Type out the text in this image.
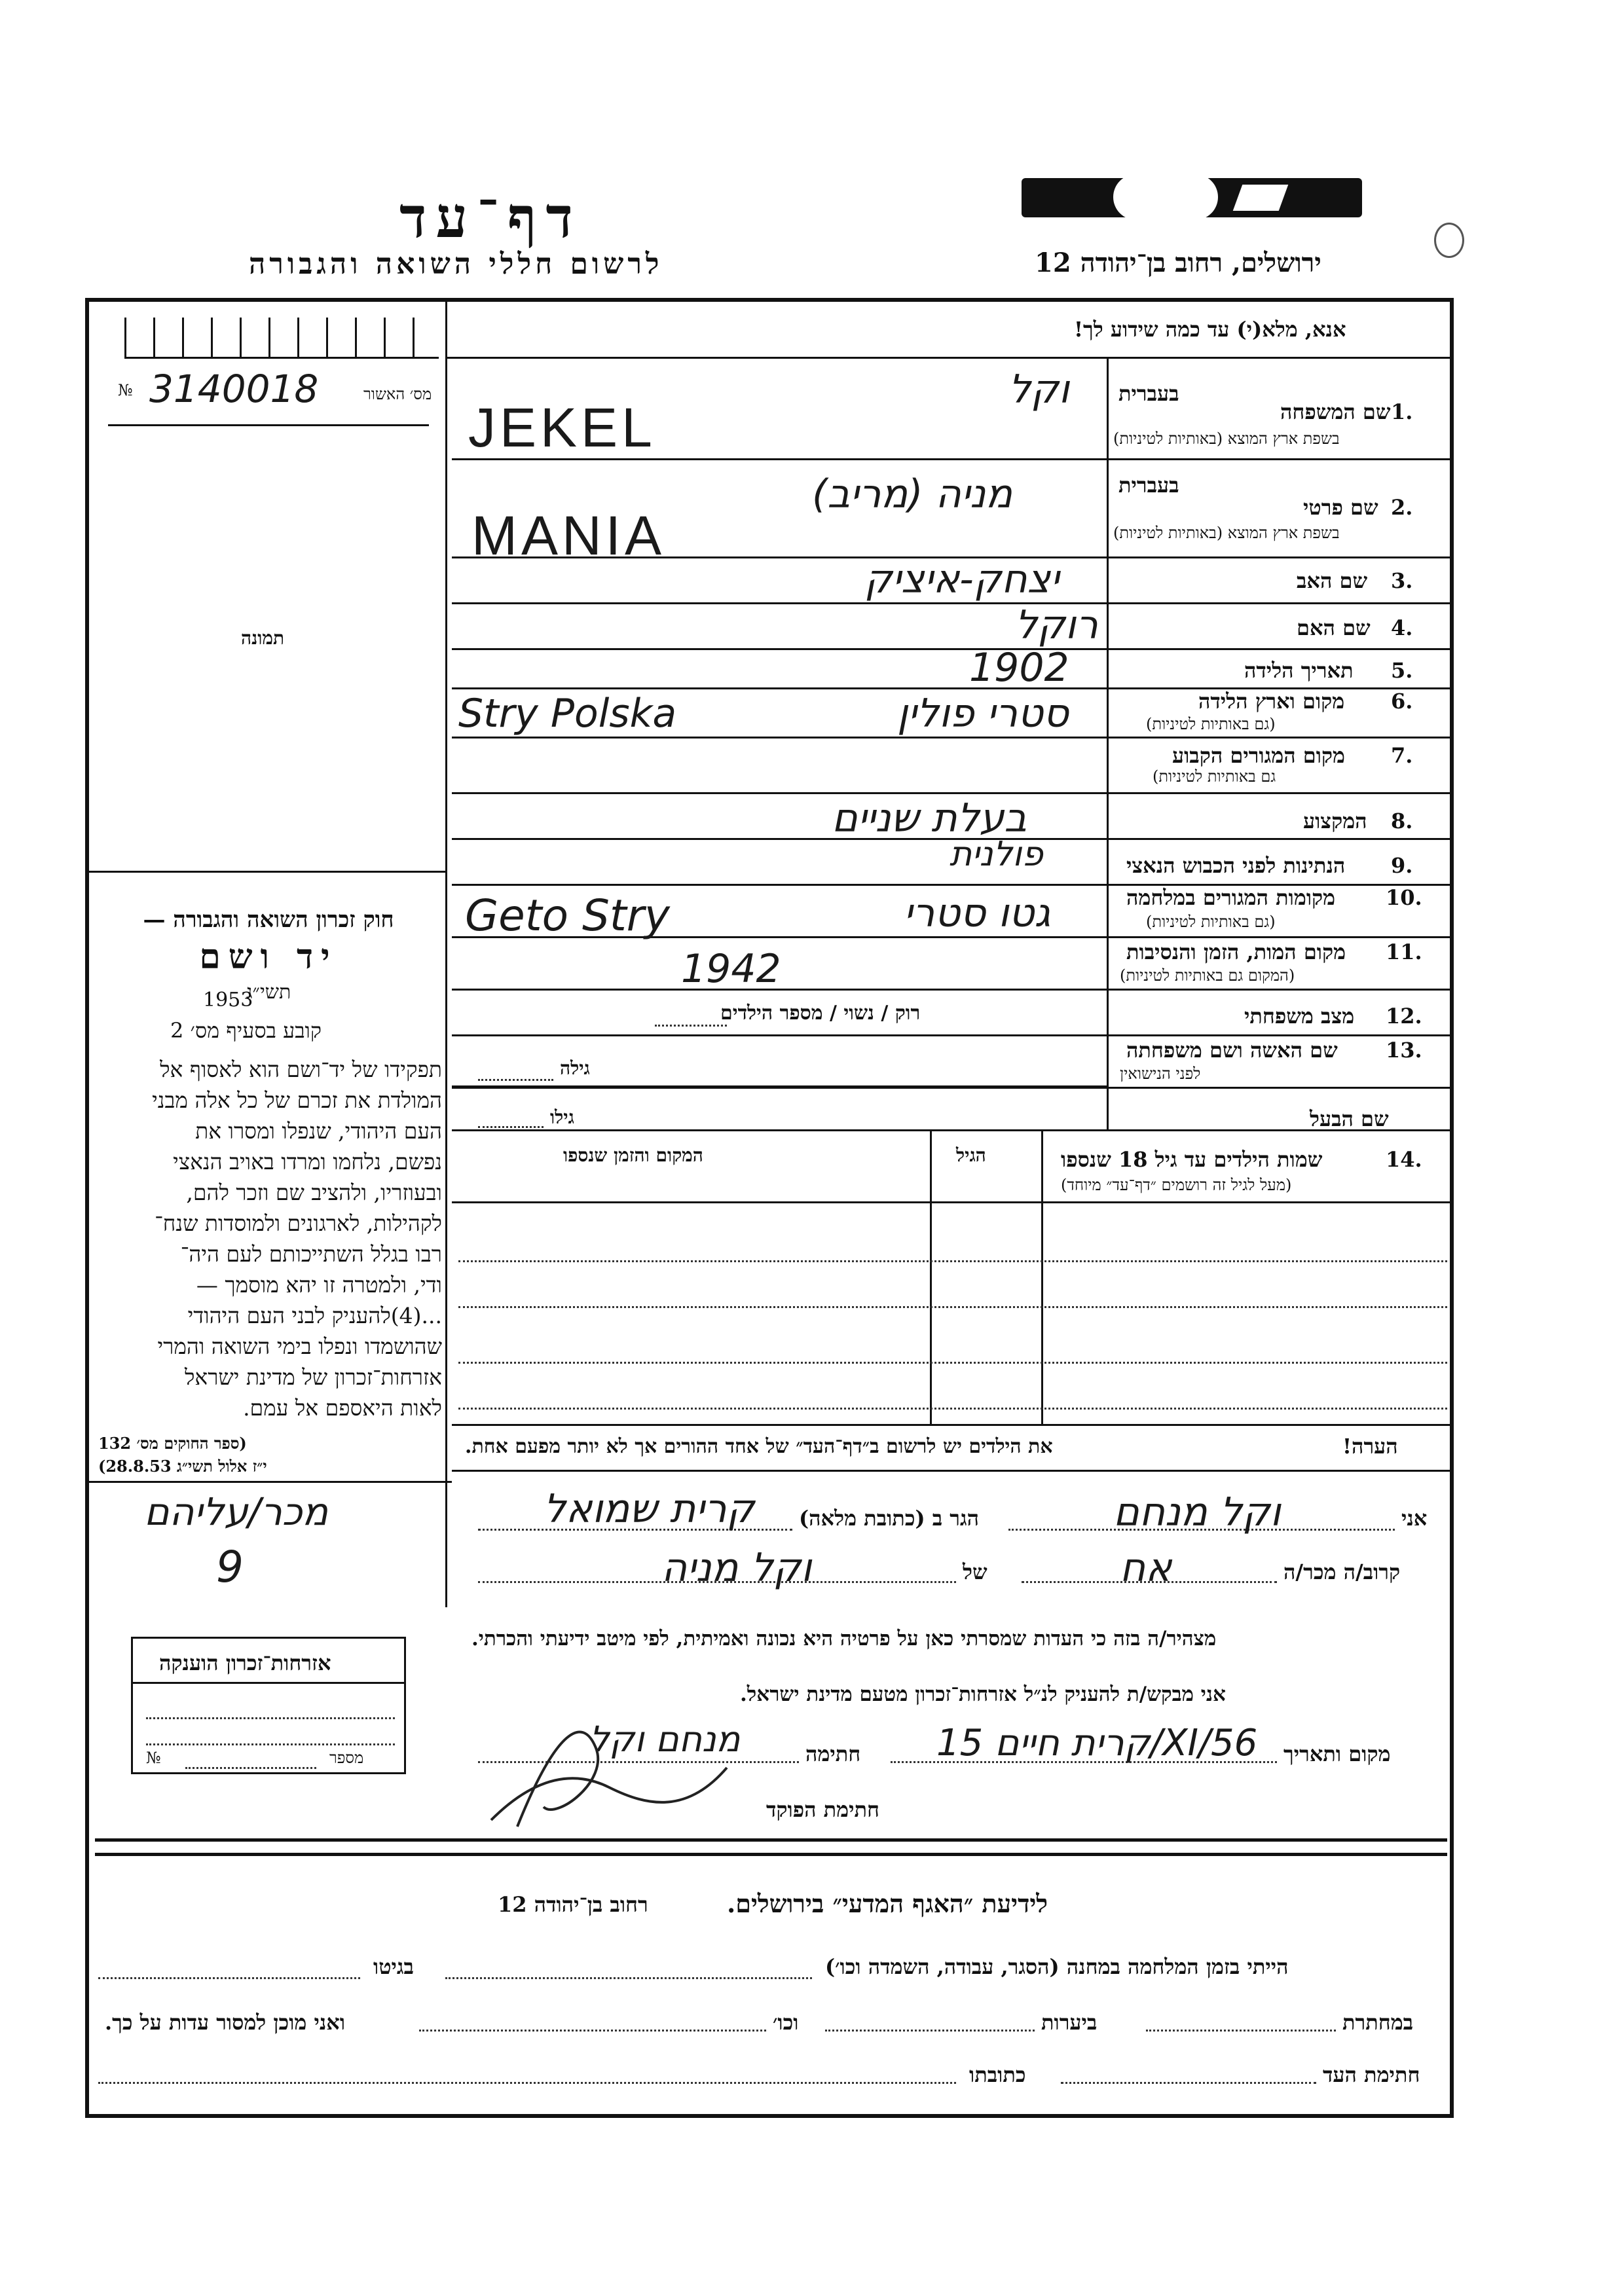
דף־עד
לרשום חללי השואה והגבורה	ירושלים, רחוב בן־יהודה 12
אנא, מלא(י) עד כמה שידוע לך!
№ 3140018	מס׳ האשור
תמונה
בעברית
1.
שם המשפחה
בשפת ארץ המוצא (באותיות לטיניות)
וקל
JEKEL
בעברית
2.
שם פרטי
בשפת ארץ המוצא (באותיות לטיניות)
מניה (מריב)
MANIA
3.
שם האב
יצחק-איציק
4.
שם האם
רוקל
5.
תאריך הלידה
1902
6.
מקום וארץ הלידה
(גם באותיות לטיניות)
Stry Polska	סטרי פולין
7.
מקום המגורים הקבוע
גם באותיות לטיניות)
8.
המקצוע
בעלת שניים
9.
הנתינות לפני הכבוש הנאצי
פולנית
10.
מקומות המגורים במלחמה
(גם באותיות לטיניות)
Geto Stry	גטו סטרי
11.
מקום המות, הזמן והנסיבות
(המקום גם באותיות לטיניות)
1942
12.
מצב משפחתי
רוק / נשוי / מספר הילדים
13.
שם האשה ושם משפחתה
לפני הנישואין
גילה
שם הבעל
גילו
14.
שמות הילדים עד גיל 18 שנספו
(מעל לגיל זה רושמים ״דף־עד״ מיוחד)
הגיל
המקום והזמן שנספו
הערה!
את הילדים יש לרשום ב״דף־העד״ של אחד ההורים אך לא יותר מפעם אחת.

חוק זכרון השואה והגבורה —

יד ושם

תשי״ג

1953
קובע בסעיף מס׳ 2
תפקידו של יד־ושם הוא לאסוף אל
המולדת את זכרם של כל אלה מבני
העם היהודי, שנפלו ומסרו את
נפשם, נלחמו ומרדו באויב הנאצי
ובעוזריו, ולהציב שם וזכר להם,
לקהילות, לארגונים ולמוסדות שנח־
רבו בגלל השתייכותם לעם היה־
ודי, ולמטרה זו יהא מוסמך —
...(4)להעניק לבני העם היהודי
שהושמדו ונפלו בימי השואה והמרי
אזרחות־זכרון של מדינת ישראל
לאות היאספם אל עמם.
(ספר החוקים מס׳ 132
י״ז אלול תשי״ג 28.8.53)
מכר/עליהם
9
אני
וקל מנחם
הגר ב (כתובת מלאה)
קרית שמואל
קרוב/ה מכר/ה
אח
של
וקל מניה
מצהיר/ה בזה כי העדות שמסרתי כאן על פרטיה היא נכונה ואמיתית, לפי מיטב ידיעתי והכרתי.
אני מבקש/ת להעניק לנ״ל אזרחות־זכרון מטעם מדינת ישראל.
מקום ותאריך
קרית חיים 15/XI/56
חתימה
מנחם וקל
חתימת הפוקד
אזרחות־זכרון הוענקה
№	מספר
לידיעת ״האגף המדעי״ בירושלים.
רחוב בן־יהודה 12
הייתי בזמן המלחמה במחנה (הסגר, עבודה, השמדה וכו׳)
בגיטו
במחתרת
ביערות
וכו׳
ואני מוכן למסור עדות על כך.
חתימת העד
כתובתו
